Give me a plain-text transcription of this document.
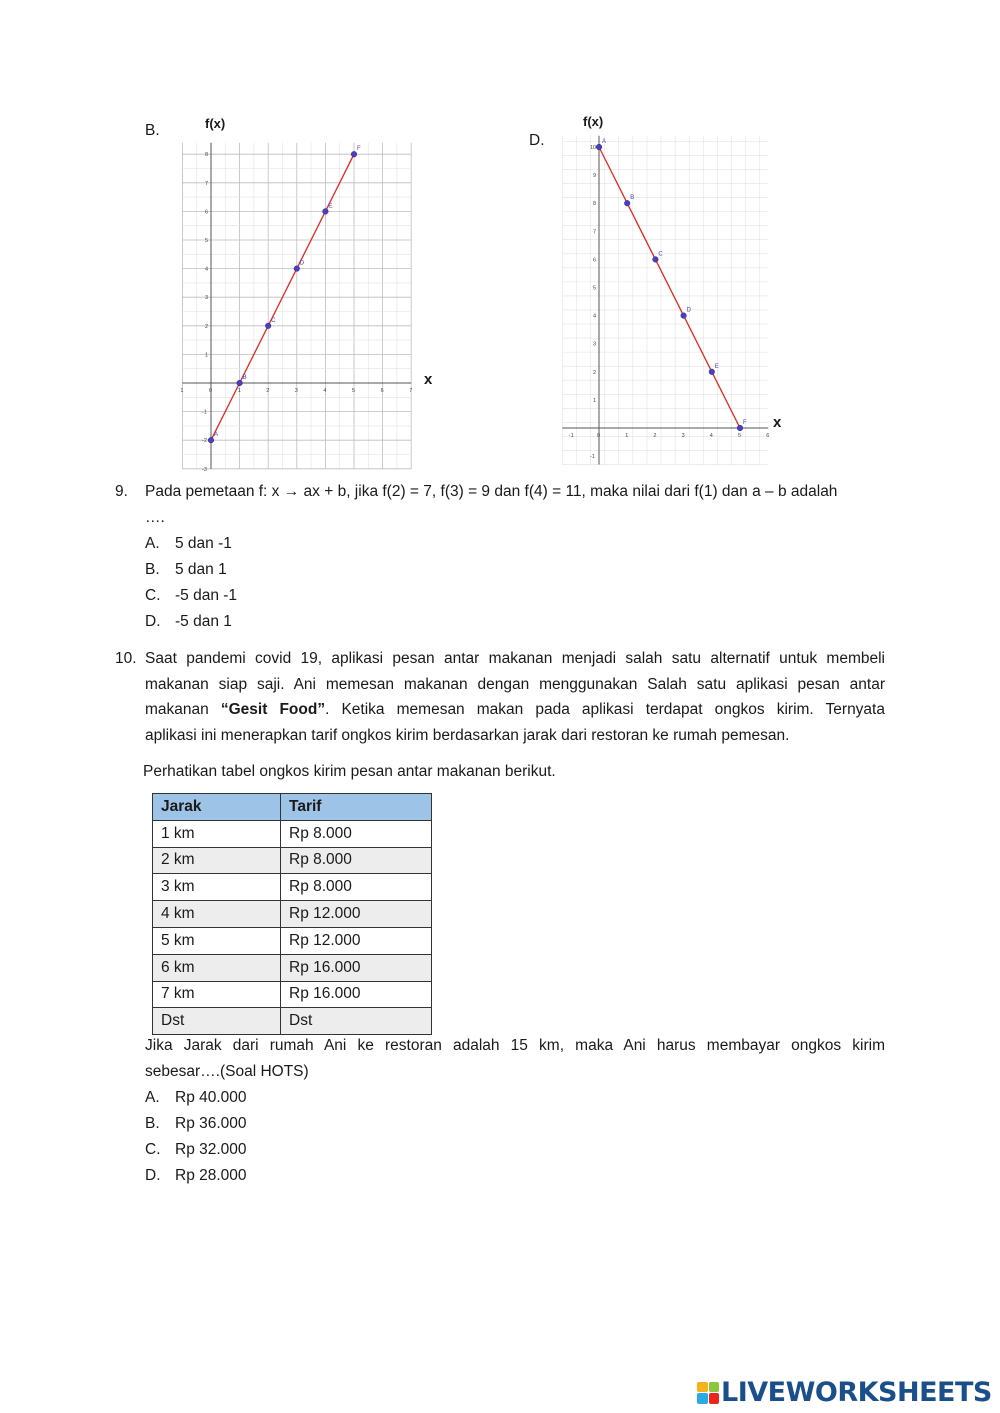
B.	f(x)
1	0	1	2	3	4	5	6	7
8
7
6
5
4
3
2
1
-1
-2
-3
A
B
C
D
E
F
x
D.
f(x)
-1	0	1	2	3	4	5	6
10
9
8
7
6
5
4
3
2
1
-1
A
B
C
D
E
F x
9. Pada pemetaan f: x → ax + b, jika f(2) = 7, f(3) = 9 dan f(4) = 11, maka nilai dari f(1) dan a – b adalah
….
A. 5 dan -1
B. 5 dan 1
C. -5 dan -1
D. -5 dan 1
10. Saat pandemi covid 19, aplikasi pesan antar makanan menjadi salah satu alternatif untuk membeli
makanan siap saji. Ani memesan makanan dengan menggunakan Salah satu aplikasi pesan antar
makanan “Gesit Food”. Ketika memesan makan pada aplikasi terdapat ongkos kirim. Ternyata
aplikasi ini menerapkan tarif ongkos kirim berdasarkan jarak dari restoran ke rumah pemesan.
Perhatikan tabel ongkos kirim pesan antar makanan berikut.
Jarak	Tarif
1 km	Rp 8.000
2 km	Rp 8.000
3 km	Rp 8.000
4 km	Rp 12.000
5 km	Rp 12.000
6 km	Rp 16.000
7 km	Rp 16.000
Dst	Dst
Jika Jarak dari rumah Ani ke restoran adalah 15 km, maka Ani harus membayar ongkos kirim
sebesar….(Soal HOTS)
A. Rp 40.000
B. Rp 36.000
C. Rp 32.000
D. Rp 28.000
LIVEWORKSHEETS
